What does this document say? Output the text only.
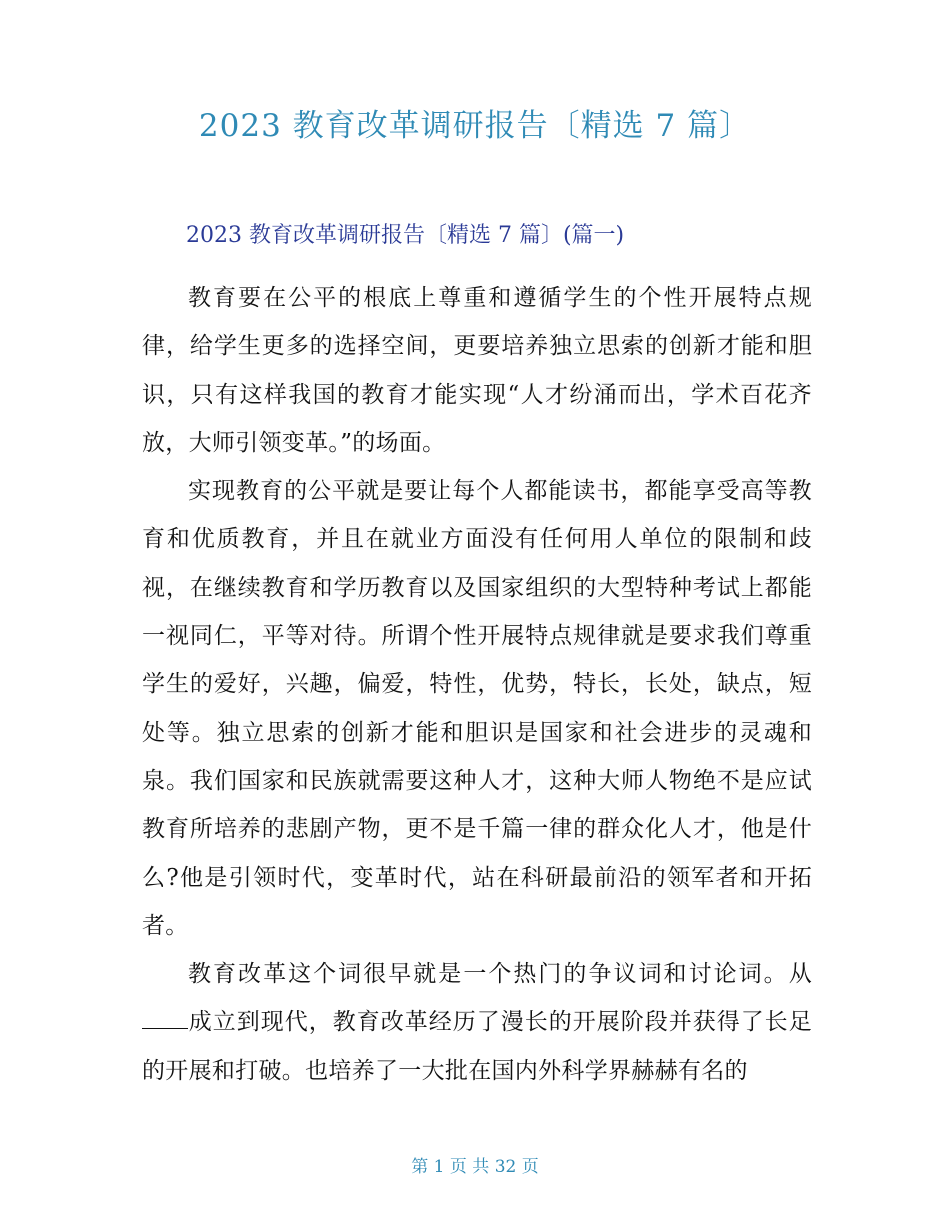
2023 教育改革调研报告〔精选 7 篇〕
2023 教育改革调研报告〔精选 7 篇〕(篇一)

教育要在公平的根底上尊重和遵循学生的个性开展特点规律，给学生更多的选择空间，更要培养独立思索的创新才能和胆识，只有这样我国的教育才能实现“人才纷涌而出，学术百花齐放，大师引领变革。”的场面。

实现教育的公平就是要让每个人都能读书，都能享受高等教育和优质教育，并且在就业方面没有任何用人单位的限制和歧视，在继续教育和学历教育以及国家组织的大型特种考试上都能一视同仁，平等对待。所谓个性开展特点规律就是要求我们尊重学生的爱好，兴趣，偏爱，特性，优势，特长，长处，缺点，短处等。独立思索的创新才能和胆识是国家和社会进步的灵魂和泉。我们国家和民族就需要这种人才，这种大师人物绝不是应试教育所培养的悲剧产物，更不是千篇一律的群众化人才，他是什么?他是引领时代，变革时代，站在科研最前沿的领军者和开拓者。

教育改革这个词很早就是一个热门的争议词和讨论词。从成立到现代，教育改革经历了漫长的开展阶段并获得了长足的开展和打破。也培养了一大批在国内外科学界赫赫有名的

第 1 页 共 32 页
